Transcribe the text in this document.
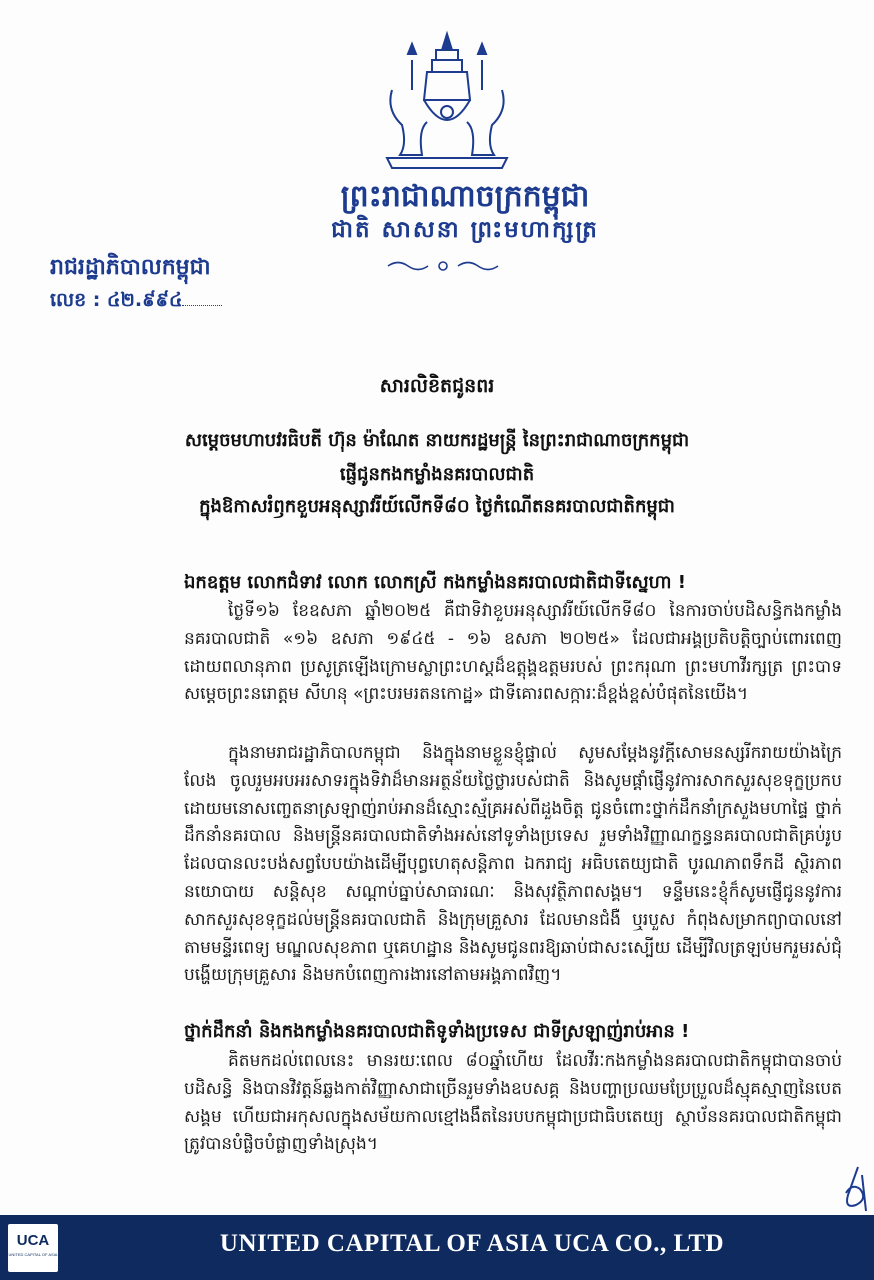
ព្រះរាជាណាចក្រកម្ពុជា
ជាតិ សាសនា ព្រះមហាក្សត្រ
រាជរដ្ឋាភិបាលកម្ពុជា
លេខ : ៤២.៩៩៤
សារលិខិតជូនពរ
សម្ដេចមហាបវរធិបតី ហ៊ុន ម៉ាណែត នាយករដ្ឋមន្ត្រី នៃព្រះរាជាណាចក្រកម្ពុជា
ផ្ញើជូនកងកម្លាំងនគរបាលជាតិ
ក្នុងឱកាសរំឭកខួបអនុស្សាវរីយ៍លើកទី៨០ ថ្ងៃកំណើតនគរបាលជាតិកម្ពុជា
ឯកឧត្តម លោកជំទាវ លោក លោកស្រី កងកម្លាំងនគរបាលជាតិជាទីស្នេហា !
ថ្ងៃទី១៦ ខែឧសភា ឆ្នាំ២០២៥ គឺជាទិវាខួបអនុស្សាវរីយ៍លើកទី៨០ នៃការចាប់បដិសន្ធិកងកម្លាំងនគរបាលជាតិ «១៦ ឧសភា ១៩៤៥ - ១៦ ឧសភា ២០២៥» ដែលជាអង្គប្រតិបត្តិច្បាប់ពោរពេញដោយពលានុភាព ប្រសូត្រឡើងក្រោមស្លាព្រះហស្ដដ៏ឧត្តុង្គឧត្តមរបស់ ព្រះករុណា ព្រះមហាវីរក្សត្រ ព្រះបាទសម្ដេចព្រះនរោត្តម សីហនុ «ព្រះបរមរតនកោដ្ឋ» ជាទីគោរពសក្ការៈដ៏ខ្ពង់ខ្ពស់បំផុតនៃយើង។
ក្នុងនាមរាជរដ្ឋាភិបាលកម្ពុជា និងក្នុងនាមខ្លួនខ្ញុំផ្ទាល់ សូមសម្ដែងនូវក្ដីសោមនស្សរីករាយយ៉ាងក្រៃលែង ចូលរួមអបអរសាទរក្នុងទិវាដ៏មានអត្ថន័យថ្លៃថ្លារបស់ជាតិ និងសូមផ្ដាំផ្ញើនូវការសាកសួរសុខទុក្ខប្រកបដោយមនោសញ្ចេតនាស្រឡាញ់រាប់អានដ៏ស្មោះស្ម័គ្រអស់ពីដួងចិត្ត ជូនចំពោះថ្នាក់ដឹកនាំក្រសួងមហាផ្ទៃ ថ្នាក់ដឹកនាំនគរបាល និងមន្ត្រីនគរបាលជាតិទាំងអស់នៅទូទាំងប្រទេស រួមទាំងវិញ្ញាណក្ខន្ធនគរបាលជាតិគ្រប់រូប ដែលបានលះបង់សព្វបែបយ៉ាងដើម្បីបុព្វហេតុសន្តិភាព ឯករាជ្យ អធិបតេយ្យជាតិ បូរណភាពទឹកដី ស្ថិរភាពនយោបាយ សន្តិសុខ សណ្ដាប់ធ្នាប់សាធារណៈ និងសុវត្ថិភាពសង្គម។ ទន្ទឹមនេះខ្ញុំក៏សូមផ្ញើជូននូវការសាកសួរសុខទុក្ខដល់មន្ត្រីនគរបាលជាតិ និងក្រុមគ្រួសារ ដែលមានជំងឺ ឬរបួស កំពុងសម្រាកព្យាបាលនៅតាមមន្ទីរពេទ្យ មណ្ឌលសុខភាព ឬគេហដ្ឋាន និងសូមជូនពរឱ្យឆាប់ជាសះស្បើយ ដើម្បីវិលត្រឡប់មករួមរស់ជុំបង្ហើយក្រុមគ្រួសារ និងមកបំពេញការងារនៅតាមអង្គភាពវិញ។
ថ្នាក់ដឹកនាំ និងកងកម្លាំងនគរបាលជាតិទូទាំងប្រទេស ជាទីស្រឡាញ់រាប់អាន !
គិតមកដល់ពេលនេះ មានរយៈពេល ៨០ឆ្នាំហើយ ដែលវីរៈកងកម្លាំងនគរបាលជាតិកម្ពុជាបានចាប់បដិសន្ធិ និងបានវិវត្តន៍ឆ្លងកាត់វិញ្ញាសាជាច្រើនរួមទាំងឧបសគ្គ និងបញ្ហាប្រឈមប្រែប្រួលដ៏ស្មុគស្មាញនៃបេតសង្គម ហើយជាអកុសលក្នុងសម័យកាលខ្មៅងងឹតនៃរបបកម្ពុជាប្រជាធិបតេយ្យ ស្ថាប័ននគរបាលជាតិកម្ពុជា ត្រូវបានបំផ្លិចបំផ្លាញទាំងស្រុង។
UCA
UNITED CAPITAL OF ASIA	UNITED CAPITAL OF ASIA UCA CO., LTD
